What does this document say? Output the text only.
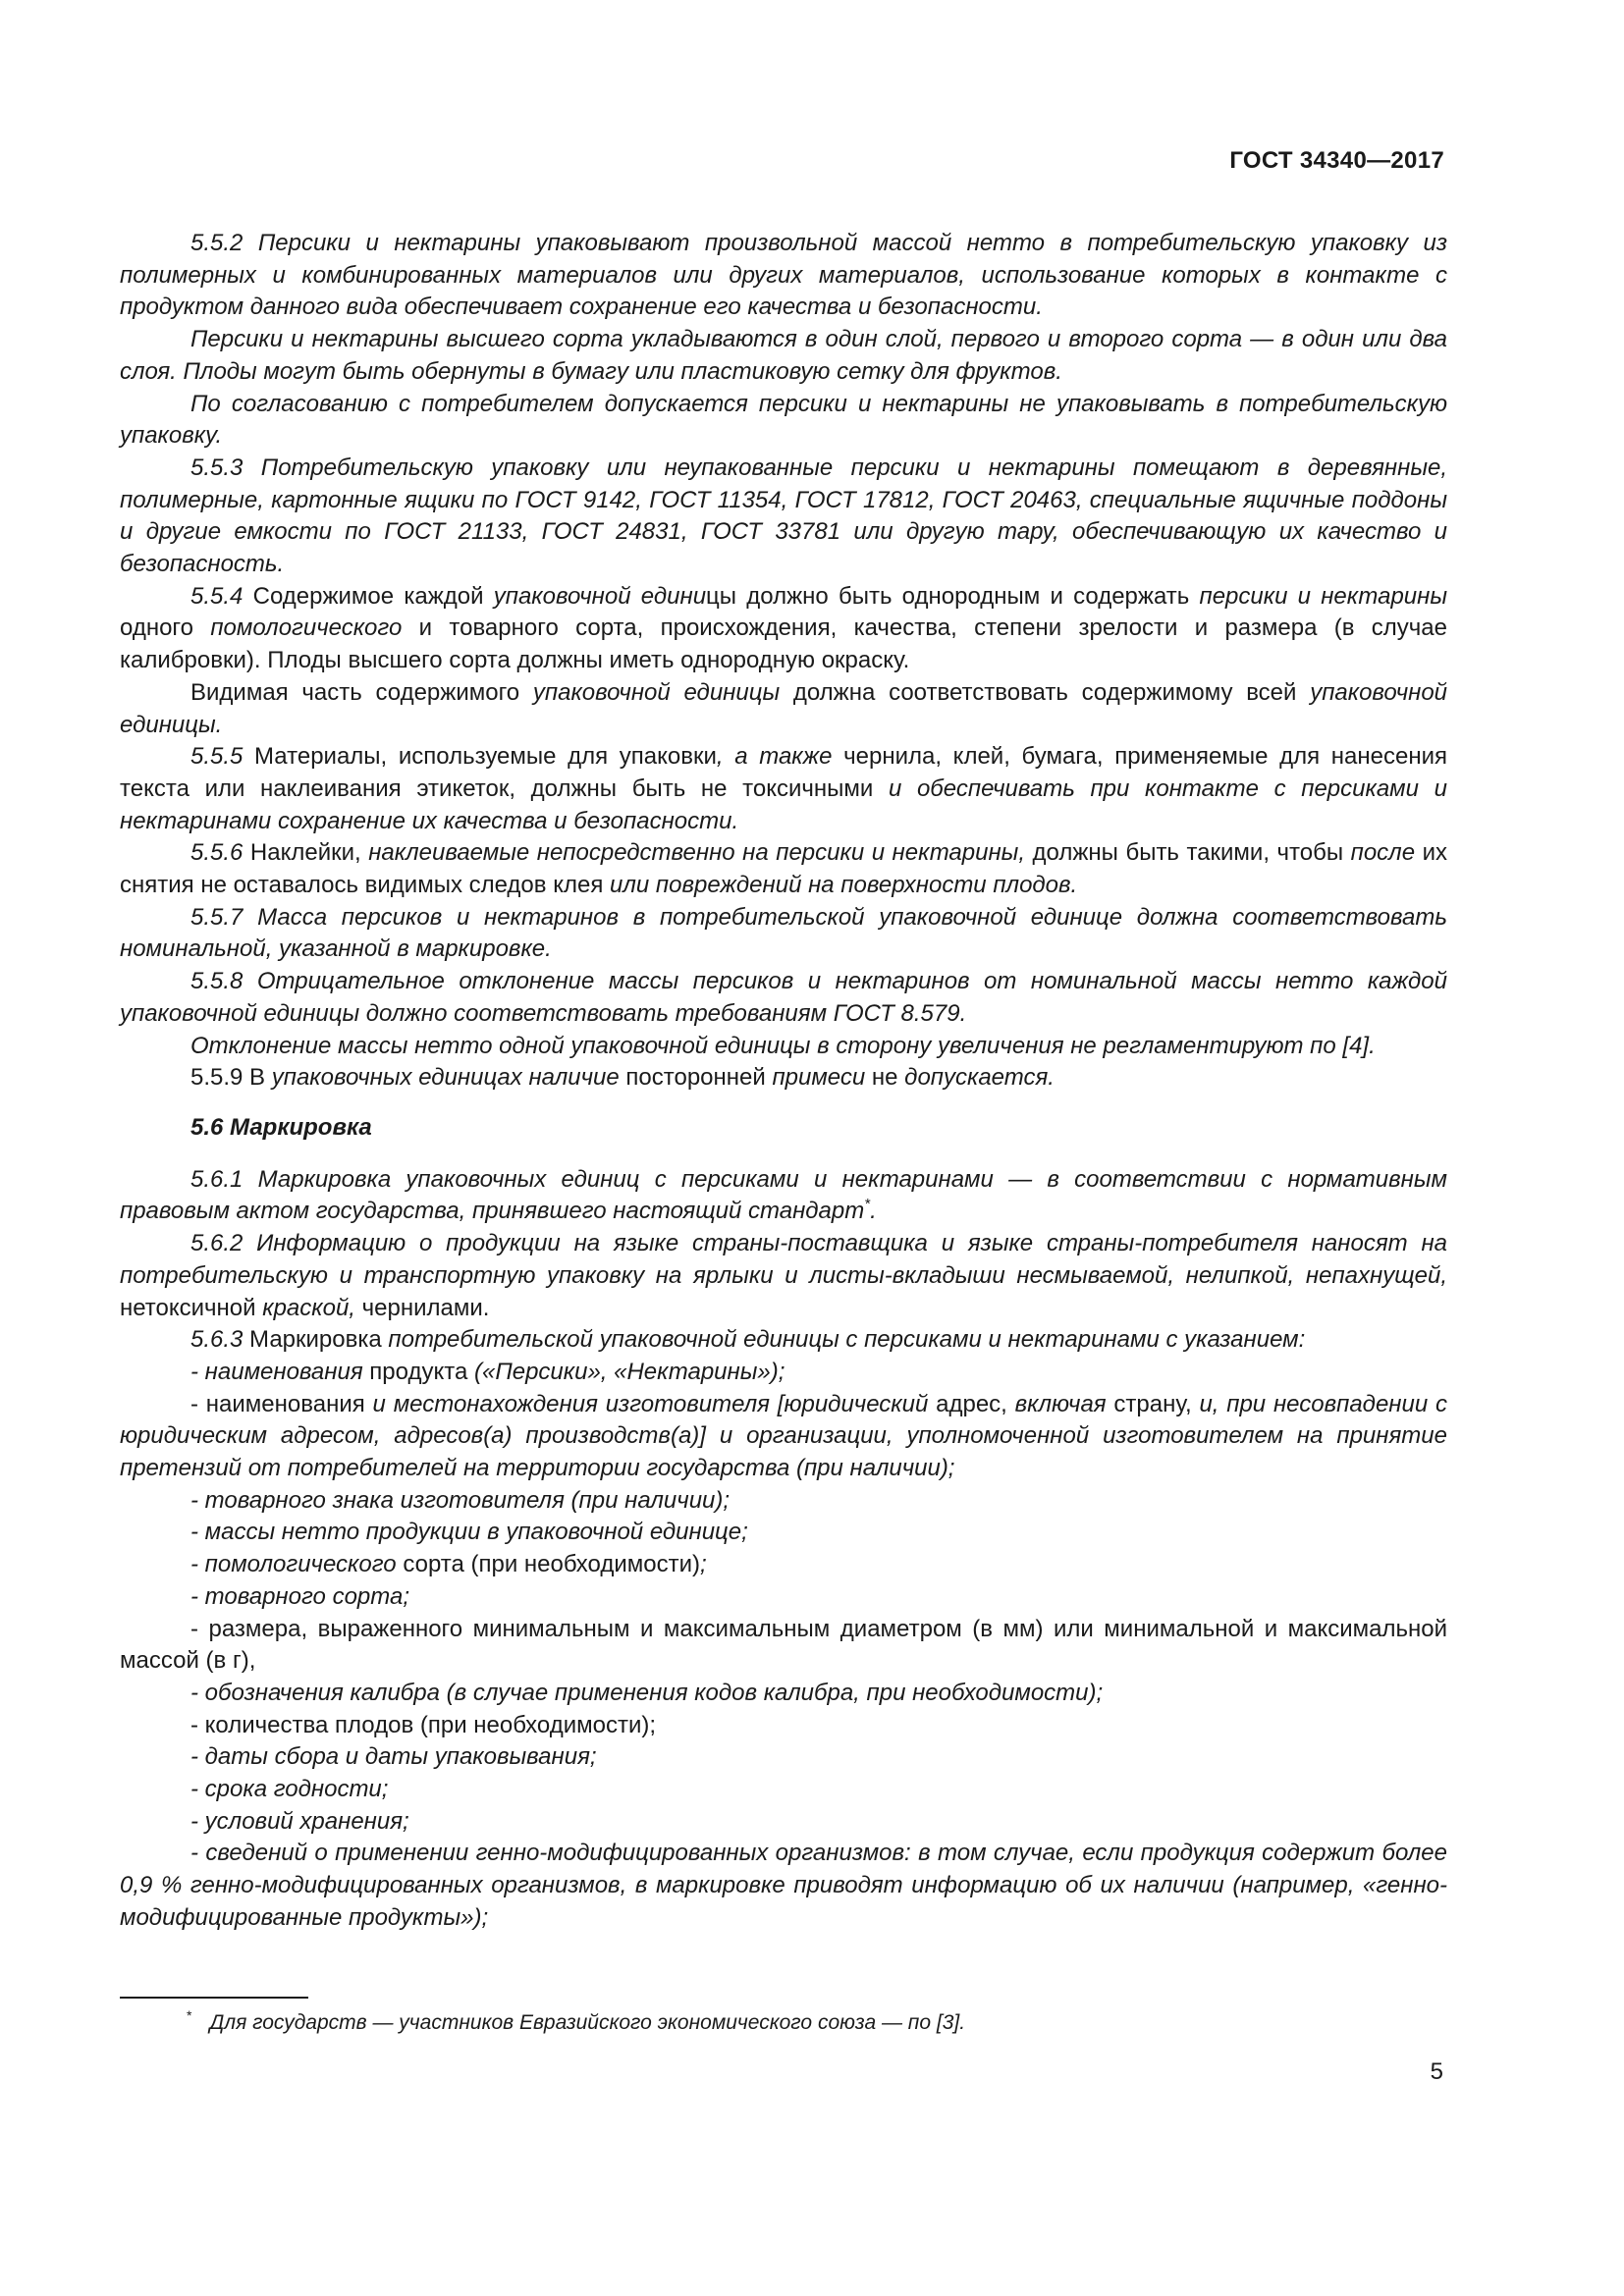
ГОСТ 34340—2017

5.5.2 Персики и нектарины упаковывают произвольной массой нетто в потребительскую упаковку из полимерных и комбинированных материалов или других материалов, использование которых в контакте с продуктом данного вида обеспечивает сохранение его качества и безопасности.

Персики и нектарины высшего сорта укладываются в один слой, первого и второго сорта — в один или два слоя. Плоды могут быть обернуты в бумагу или пластиковую сетку для фруктов.

По согласованию с потребителем допускается персики и нектарины не упаковывать в потребительскую упаковку.

5.5.3 Потребительскую упаковку или неупакованные персики и нектарины помещают в деревянные, полимерные, картонные ящики по ГОСТ 9142, ГОСТ 11354, ГОСТ 17812, ГОСТ 20463, специальные ящичные поддоны и другие емкости по ГОСТ 21133, ГОСТ 24831, ГОСТ 33781 или другую тару, обеспечивающую их качество и безопасность.

5.5.4 Содержимое каждой упаковочной единицы должно быть однородным и содержать персики и нектарины одного помологического и товарного сорта, происхождения, качества, степени зрелости и размера (в случае калибровки). Плоды высшего сорта должны иметь однородную окраску.

Видимая часть содержимого упаковочной единицы должна соответствовать содержимому всей упаковочной единицы.

5.5.5 Материалы, используемые для упаковки, а также чернила, клей, бумага, применяемые для нанесения текста или наклеивания этикеток, должны быть не токсичными и обеспечивать при контакте с персиками и нектаринами сохранение их качества и безопасности.

5.5.6 Наклейки, наклеиваемые непосредственно на персики и нектарины, должны быть такими, чтобы после их снятия не оставалось видимых следов клея или повреждений на поверхности плодов.

5.5.7 Масса персиков и нектаринов в потребительской упаковочной единице должна соответствовать номинальной, указанной в маркировке.

5.5.8 Отрицательное отклонение массы персиков и нектаринов от номинальной массы нетто каждой упаковочной единицы должно соответствовать требованиям ГОСТ 8.579.

Отклонение массы нетто одной упаковочной единицы в сторону увеличения не регламентируют по [4].

5.5.9 В упаковочных единицах наличие посторонней примеси не допускается.

5.6 Маркировка

5.6.1 Маркировка упаковочных единиц с персиками и нектаринами — в соответствии с нормативным правовым актом государства, принявшего настоящий стандарт*.

5.6.2 Информацию о продукции на языке страны-поставщика и языке страны-потребителя наносят на потребительскую и транспортную упаковку на ярлыки и листы-вкладыши несмываемой, нелипкой, непахнущей, нетоксичной краской, чернилами.

5.6.3 Маркировка потребительской упаковочной единицы с персиками и нектаринами с указанием:

- наименования продукта («Персики», «Нектарины»);

- наименования и местонахождения изготовителя [юридический адрес, включая страну, и, при несовпадении с юридическим адресом, адресов(а) производств(а)] и организации, уполномоченной изготовителем на принятие претензий от потребителей на территории государства (при наличии);

- товарного знака изготовителя (при наличии);

- массы нетто продукции в упаковочной единице;

- помологического сорта (при необходимости);

- товарного сорта;

- размера, выраженного минимальным и максимальным диаметром (в мм) или минимальной и максимальной массой (в г),

- обозначения калибра (в случае применения кодов калибра, при необходимости);

- количества плодов (при необходимости);

- даты сбора и даты упаковывания;

- срока годности;

- условий хранения;

- сведений о применении генно-модифицированных организмов: в том случае, если продукция содержит более 0,9 % генно-модифицированных организмов, в маркировке приводят информацию об их наличии (например, «генно-модифицированные продукты»);

* Для государств — участников Евразийского экономического союза — по [3].
5
